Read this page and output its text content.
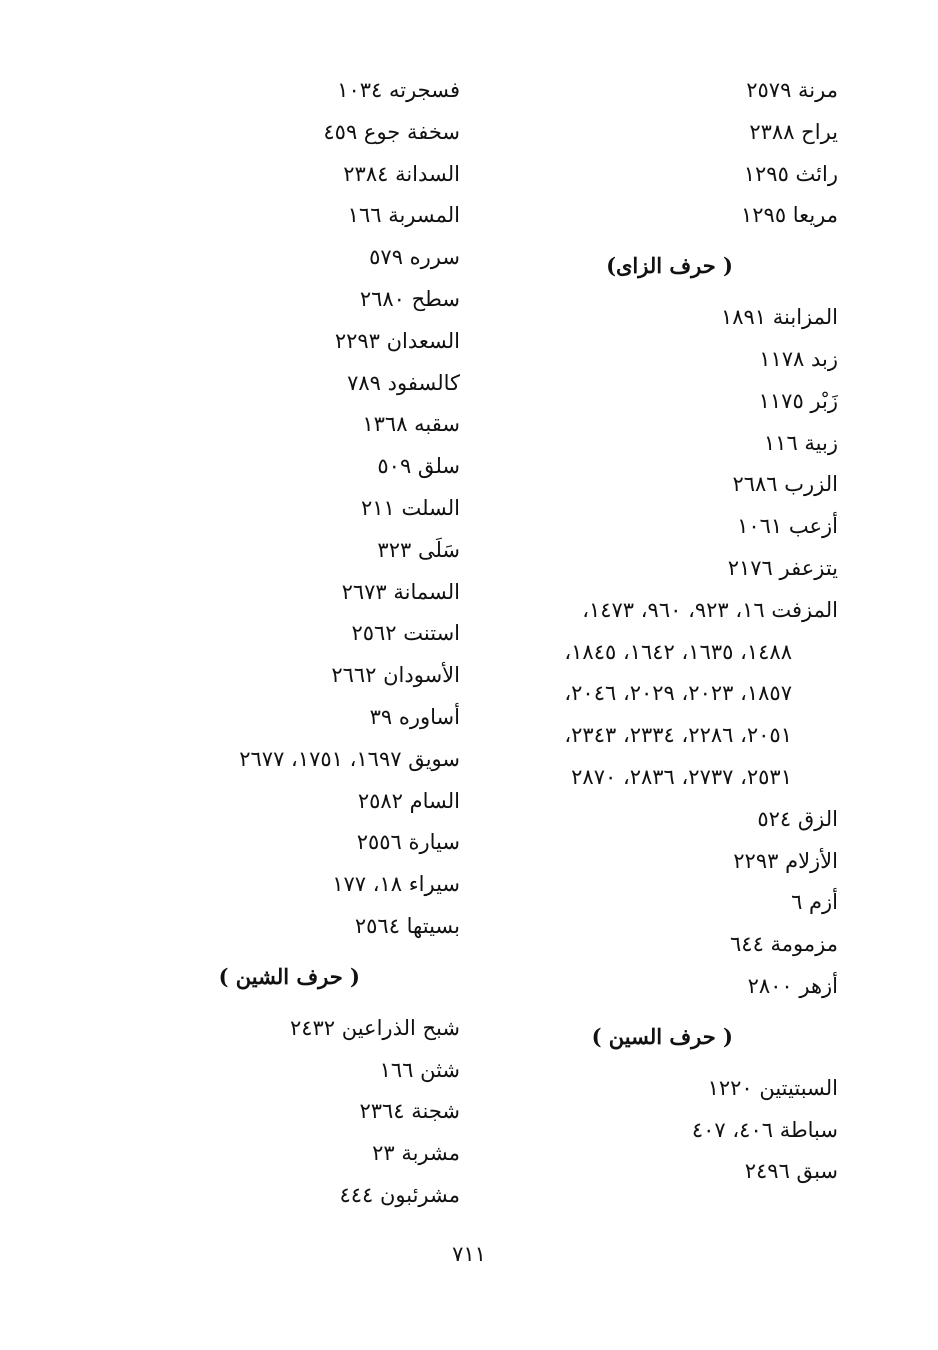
مرنة ٢٥٧٩
يراح ٢٣٨٨
رائث ١٢٩٥
مريعا ١٢٩٥
( حرف الزاى)
المزابنة ١٨٩١
زبد ١١٧٨
زَبْر ١١٧٥
زبية ١١٦
الزرب ٢٦٨٦
أزعب ١٠٦١
يتزعفر ٢١٧٦
المزفت ١٦، ٩٢٣، ٩٦٠، ١٤٧٣،
١٤٨٨، ١٦٣٥، ١٦٤٢، ١٨٤٥،
١٨٥٧، ٢٠٢٣، ٢٠٢٩، ٢٠٤٦،
٢٠٥١، ٢٢٨٦، ٢٣٣٤، ٢٣٤٣،
٢٥٣١، ٢٧٣٧، ٢٨٣٦، ٢٨٧٠
الزق ٥٢٤
الأزلام ٢٢٩٣
أزم ٦
مزمومة ٦٤٤
أزهر ٢٨٠٠
( حرف السين )
السبتيتين ١٢٢٠
سباطة ٤٠٦، ٤٠٧
سبق ٢٤٩٦
فسجرته ١٠٣٤
سخفة جوع ٤٥٩
السدانة ٢٣٨٤
المسربة ١٦٦
سرره ٥٧٩
سطح ٢٦٨٠
السعدان ٢٢٩٣
كالسفود ٧٨٩
سقبه ١٣٦٨
سلق ٥٠٩
السلت ٢١١
سَلَى ٣٢٣
السمانة ٢٦٧٣
استنت ٢٥٦٢
الأسودان ٢٦٦٢
أساوره ٣٩
سويق ١٦٩٧، ١٧٥١، ٢٦٧٧
السام ٢٥٨٢
سيارة ٢٥٥٦
سيراء ١٨، ١٧٧
بسيتها ٢٥٦٤
( حرف الشين )
شبح الذراعين ٢٤٣٢
شثن ١٦٦
شجنة ٢٣٦٤
مشربة ٢٣
مشرئبون ٤٤٤
٧١١
